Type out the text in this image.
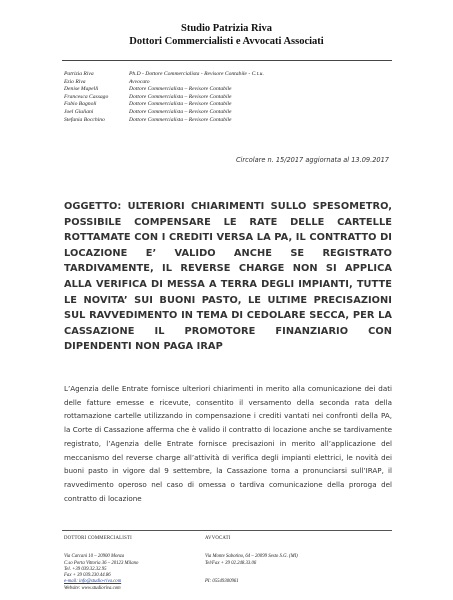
Studio Patrizia Riva
Dottori Commercialisti e Avvocati Associati
Patrizia Riva	Ph.D - Dottore Commercialista - Revisore Contabile - C.t.u.
Ezio Riva	Avvocato
Denise Mapelli	Dottore Commercialista – Revisore Contabile
Francesca Cassago	Dottore Commercialista – Revisore Contabile
Fabio Bagnoli	Dottore Commercialista – Revisore Contabile
Joel Giuliani	Dottore Commercialista – Revisore Contabile
Stefania Bocchino	Dottore Commercialista – Revisore Contabile
Circolare n. 15/2017 aggiornata al 13.09.2017
OGGETTO: ULTERIORI CHIARIMENTI SULLO SPESOMETRO, POSSIBILE COMPENSARE LE RATE DELLE CARTELLE ROTTAMATE CON I CREDITI VERSA LA PA, IL CONTRATTO DI LOCAZIONE E’ VALIDO ANCHE SE REGISTRATO TARDIVAMENTE, IL REVERSE CHARGE NON SI APPLICA ALLA VERIFICA DI MESSA A TERRA DEGLI IMPIANTI, TUTTE LE NOVITA’ SUI BUONI PASTO, LE ULTIME PRECISAZIONI SUL RAVVEDIMENTO IN TEMA DI CEDOLARE SECCA, PER LA CASSAZIONE IL PROMOTORE FINANZIARIO CON DIPENDENTI NON PAGA IRAP
L’Agenzia delle Entrate fornisce ulteriori chiarimenti in merito alla comunicazione dei dati delle fatture emesse e ricevute, consentito il versamento della seconda rata della rottamazione cartelle utilizzando in compensazione i crediti vantati nei confronti della PA, la Corte di Cassazione afferma che è valido il contratto di locazione anche se tardivamente registrato, l’Agenzia delle Entrate fornisce precisazioni in merito all’applicazione del meccanismo del reverse charge all’attività di verifica degli impianti elettrici, le novità dei buoni pasto in vigore dal 9 settembre, la Cassazione torna a pronunciarsi sull’IRAP, il ravvedimento operoso nel caso di omessa o tardiva comunicazione della proroga del contratto di locazione
DOTTORI COMMERCIALISTI
Via Carcani 10 – 20900 Monza
C.so Porta Vittoria 36 – 20123 Milano
Tel. +39 039.32.32.95
Fax + 39 039.230.44.86
e-mail: info@studio-riva.com
Website: www.studioriva.com
AVVOCATI
Via Monte Sabotino, 64 – 20099 Sesto S.G. (MI)
Tel/Fax + 39 02.248.33.06
PI: 05549300961
